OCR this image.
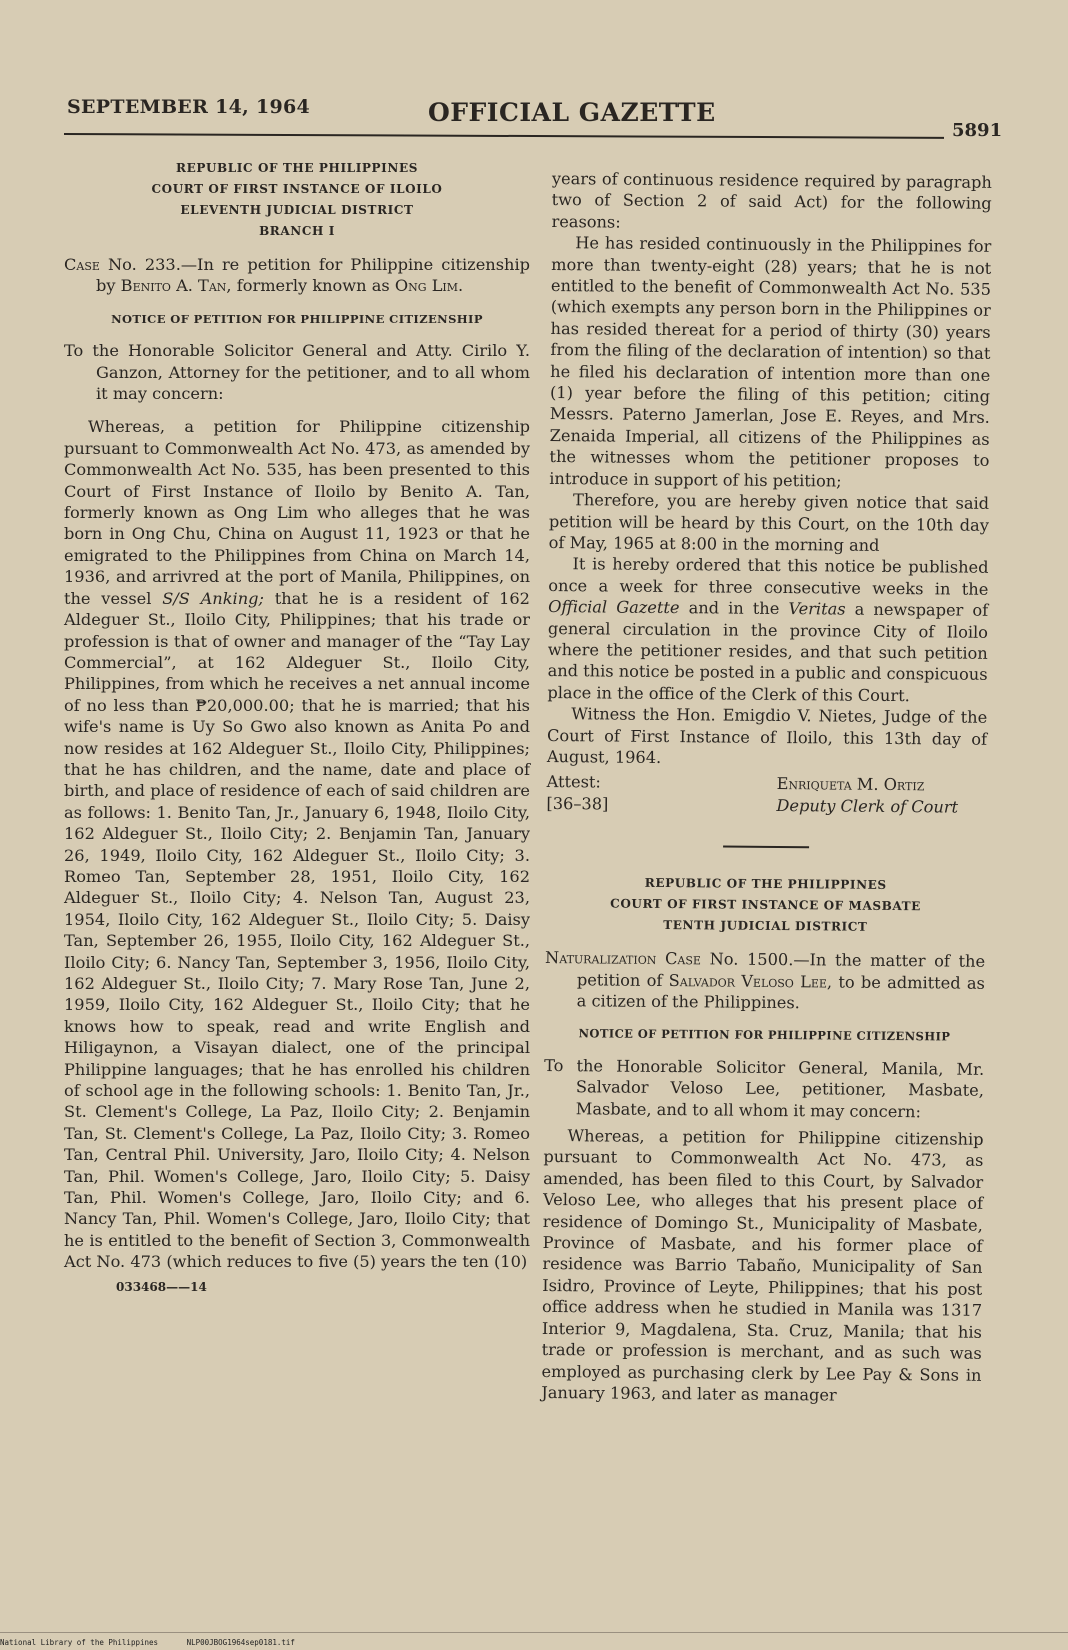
SEPTEMBER 14, 1964	OFFICIAL GAZETTE
5891
REPUBLIC OF THE PHILIPPINES
COURT OF FIRST INSTANCE OF ILOILO
ELEVENTH JUDICIAL DISTRICT
BRANCH I

Case No. 233.—In re petition for Philippine citizenship by Benito A. Tan, formerly known as Ong Lim.

NOTICE OF PETITION FOR PHILIPPINE CITIZENSHIP

To the Honorable Solicitor General and Atty. Cirilo Y. Ganzon, Attorney for the petitioner, and to all whom it may concern:

Whereas, a petition for Philippine citizenship pursuant to Commonwealth Act No. 473, as amended by Commonwealth Act No. 535, has been presented to this Court of First Instance of Iloilo by Benito A. Tan, formerly known as Ong Lim who alleges that he was born in Ong Chu, China on August 11, 1923 or that he emigrated to the Philippines from China on March 14, 1936, and arrivred at the port of Manila, Philippines, on the vessel S/S Anking; that he is a resident of 162 Aldeguer St., Iloilo City, Philippines; that his trade or profession is that of owner and manager of the “Tay Lay Commercial”, at 162 Aldeguer St., Iloilo City, Philippines, from which he receives a net annual income of no less than ₱20,000.00; that he is married; that his wife's name is Uy So Gwo also known as Anita Po and now resides at 162 Aldeguer St., Iloilo City, Philippines; that he has children, and the name, date and place of birth, and place of residence of each of said children are as follows: 1. Benito Tan, Jr., January 6, 1948, Iloilo City, 162 Aldeguer St., Iloilo City; 2. Benjamin Tan, January 26, 1949, Iloilo City, 162 Aldeguer St., Iloilo City; 3. Romeo Tan, September 28, 1951, Iloilo City, 162 Aldeguer St., Iloilo City; 4. Nelson Tan, August 23, 1954, Iloilo City, 162 Aldeguer St., Iloilo City; 5. Daisy Tan, September 26, 1955, Iloilo City, 162 Aldeguer St., Iloilo City; 6. Nancy Tan, September 3, 1956, Iloilo City, 162 Aldeguer St., Iloilo City; 7. Mary Rose Tan, June 2, 1959, Iloilo City, 162 Aldeguer St., Iloilo City; that he knows how to speak, read and write English and Hiligaynon, a Visayan dialect, one of the principal Philippine languages; that he has enrolled his children of school age in the following schools: 1. Benito Tan, Jr., St. Clement's College, La Paz, Iloilo City; 2. Benjamin Tan, St. Clement's College, La Paz, Iloilo City; 3. Romeo Tan, Central Phil. University, Jaro, Iloilo City; 4. Nelson Tan, Phil. Women's College, Jaro, Iloilo City; 5. Daisy Tan, Phil. Women's College, Jaro, Iloilo City; and 6. Nancy Tan, Phil. Women's College, Jaro, Iloilo City; that he is entitled to the benefit of Section 3, Commonwealth Act No. 473 (which reduces to five (5) years the ten (10)

033468——14

years of continuous residence required by paragraph two of Section 2 of said Act) for the following reasons:

He has resided continuously in the Philippines for more than twenty-eight (28) years; that he is not entitled to the benefit of Commonwealth Act No. 535 (which exempts any person born in the Philippines or has resided thereat for a period of thirty (30) years from the filing of the declaration of intention) so that he filed his declaration of intention more than one (1) year before the filing of this petition; citing Messrs. Paterno Jamerlan, Jose E. Reyes, and Mrs. Zenaida Imperial, all citizens of the Philippines as the witnesses whom the petitioner proposes to introduce in support of his petition;

Therefore, you are hereby given notice that said petition will be heard by this Court, on the 10th day of May, 1965 at 8:00 in the morning and

It is hereby ordered that this notice be published once a week for three consecutive weeks in the Official Gazette and in the Veritas a newspaper of general circulation in the province City of Iloilo where the petitioner resides, and that such petition and this notice be posted in a public and conspicuous place in the office of the Clerk of this Court.

Witness the Hon. Emigdio V. Nietes, Judge of the Court of First Instance of Iloilo, this 13th day of August, 1964.

Attest:
[36–38]
Enriqueta M. Ortiz
Deputy Clerk of Court
REPUBLIC OF THE PHILIPPINES
COURT OF FIRST INSTANCE OF MASBATE
TENTH JUDICIAL DISTRICT

Naturalization Case No. 1500.—In the matter of the petition of Salvador Veloso Lee, to be admitted as a citizen of the Philippines.

NOTICE OF PETITION FOR PHILIPPINE CITIZENSHIP

To the Honorable Solicitor General, Manila, Mr. Salvador Veloso Lee, petitioner, Masbate, Masbate, and to all whom it may concern:

Whereas, a petition for Philippine citizenship pursuant to Commonwealth Act No. 473, as amended, has been filed to this Court, by Salvador Veloso Lee, who alleges that his present place of residence of Domingo St., Municipality of Masbate, Province of Masbate, and his former place of residence was Barrio Tabaño, Municipality of San Isidro, Province of Leyte, Philippines; that his post office address when he studied in Manila was 1317 Interior 9, Magdalena, Sta. Cruz, Manila; that his trade or profession is merchant, and as such was employed as purchasing clerk by Lee Pay & Sons in January 1963, and later as manager

National Library of the Philippines	NLP00JBOG1964sep0181.tif
